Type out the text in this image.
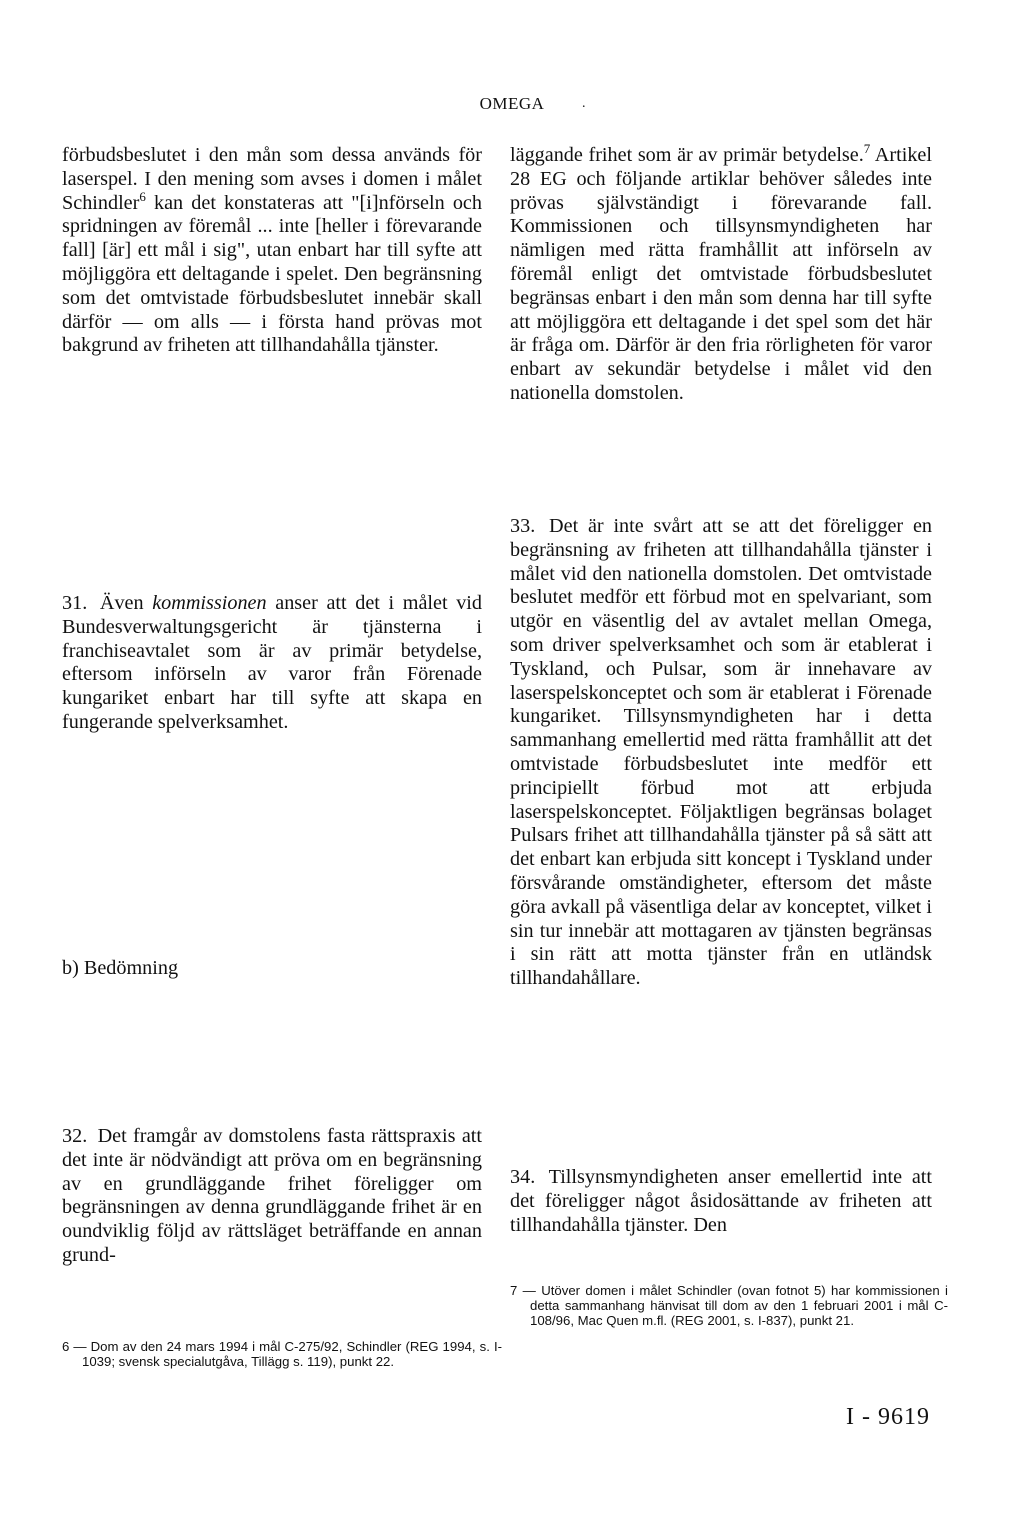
OMEGA	.

förbudsbeslutet i den mån som dessa används för laserspel. I den mening som avses i domen i målet Schindler$^6$ kan det konstateras att "[i]nförseln och spridningen av föremål ... inte [heller i förevarande fall] [är] ett mål i sig", utan enbart har till syfte att möjliggöra ett deltagande i spelet. Den begränsning som det omtvistade förbudsbeslutet innebär skall därför — om alls — i första hand prövas mot bakgrund av friheten att tillhandahålla tjänster.

31. Även kommissionen anser att det i målet vid Bundesverwaltungsgericht är tjänsterna i franchiseavtalet som är av primär betydelse, eftersom införseln av varor från Förenade kungariket enbart har till syfte att skapa en fungerande spelverksamhet.

b) Bedömning

32. Det framgår av domstolens fasta rättspraxis att det inte är nödvändigt att pröva om en begränsning av en grundläggande frihet föreligger om begränsningen av denna grundläggande frihet är en oundviklig följd av rättsläget beträffande en annan grund-

läggande frihet som är av primär betydelse.$^7$ Artikel 28 EG och följande artiklar behöver således inte prövas självständigt i förevarande fall. Kommissionen och tillsynsmyndigheten har nämligen med rätta framhållit att införseln av föremål enligt det omtvistade förbudsbeslutet begränsas enbart i den mån som denna har till syfte att möjliggöra ett deltagande i det spel som det här är fråga om. Därför är den fria rörligheten för varor enbart av sekundär betydelse i målet vid den nationella domstolen.

33. Det är inte svårt att se att det föreligger en begränsning av friheten att tillhandahålla tjänster i målet vid den nationella domstolen. Det omtvistade beslutet medför ett förbud mot en spelvariant, som utgör en väsentlig del av avtalet mellan Omega, som driver spelverksamhet och som är etablerat i Tyskland, och Pulsar, som är innehavare av laserspelskonceptet och som är etablerat i Förenade kungariket. Tillsynsmyndigheten har i detta sammanhang emellertid med rätta framhållit att det omtvistade förbudsbeslutet inte medför ett principiellt förbud mot att erbjuda laserspelskonceptet. Följaktligen begränsas bolaget Pulsars frihet att tillhandahålla tjänster på så sätt att det enbart kan erbjuda sitt koncept i Tyskland under försvårande omständigheter, eftersom det måste göra avkall på väsentliga delar av konceptet, vilket i sin tur innebär att mottagaren av tjänsten begränsas i sin rätt att motta tjänster från en utländsk tillhandahållare.

34. Tillsynsmyndigheten anser emellertid inte att det föreligger något åsidosättande av friheten att tillhandahålla tjänster. Den

6 — Dom av den 24 mars 1994 i mål C-275/92, Schindler (REG 1994, s. I-1039; svensk specialutgåva, Tillägg s. 119), punkt 22.

7 — Utöver domen i målet Schindler (ovan fotnot 5) har kommissionen i detta sammanhang hänvisat till dom av den 1 februari 2001 i mål C-108/96, Mac Quen m.fl. (REG 2001, s. I-837), punkt 21.

I - 9619
